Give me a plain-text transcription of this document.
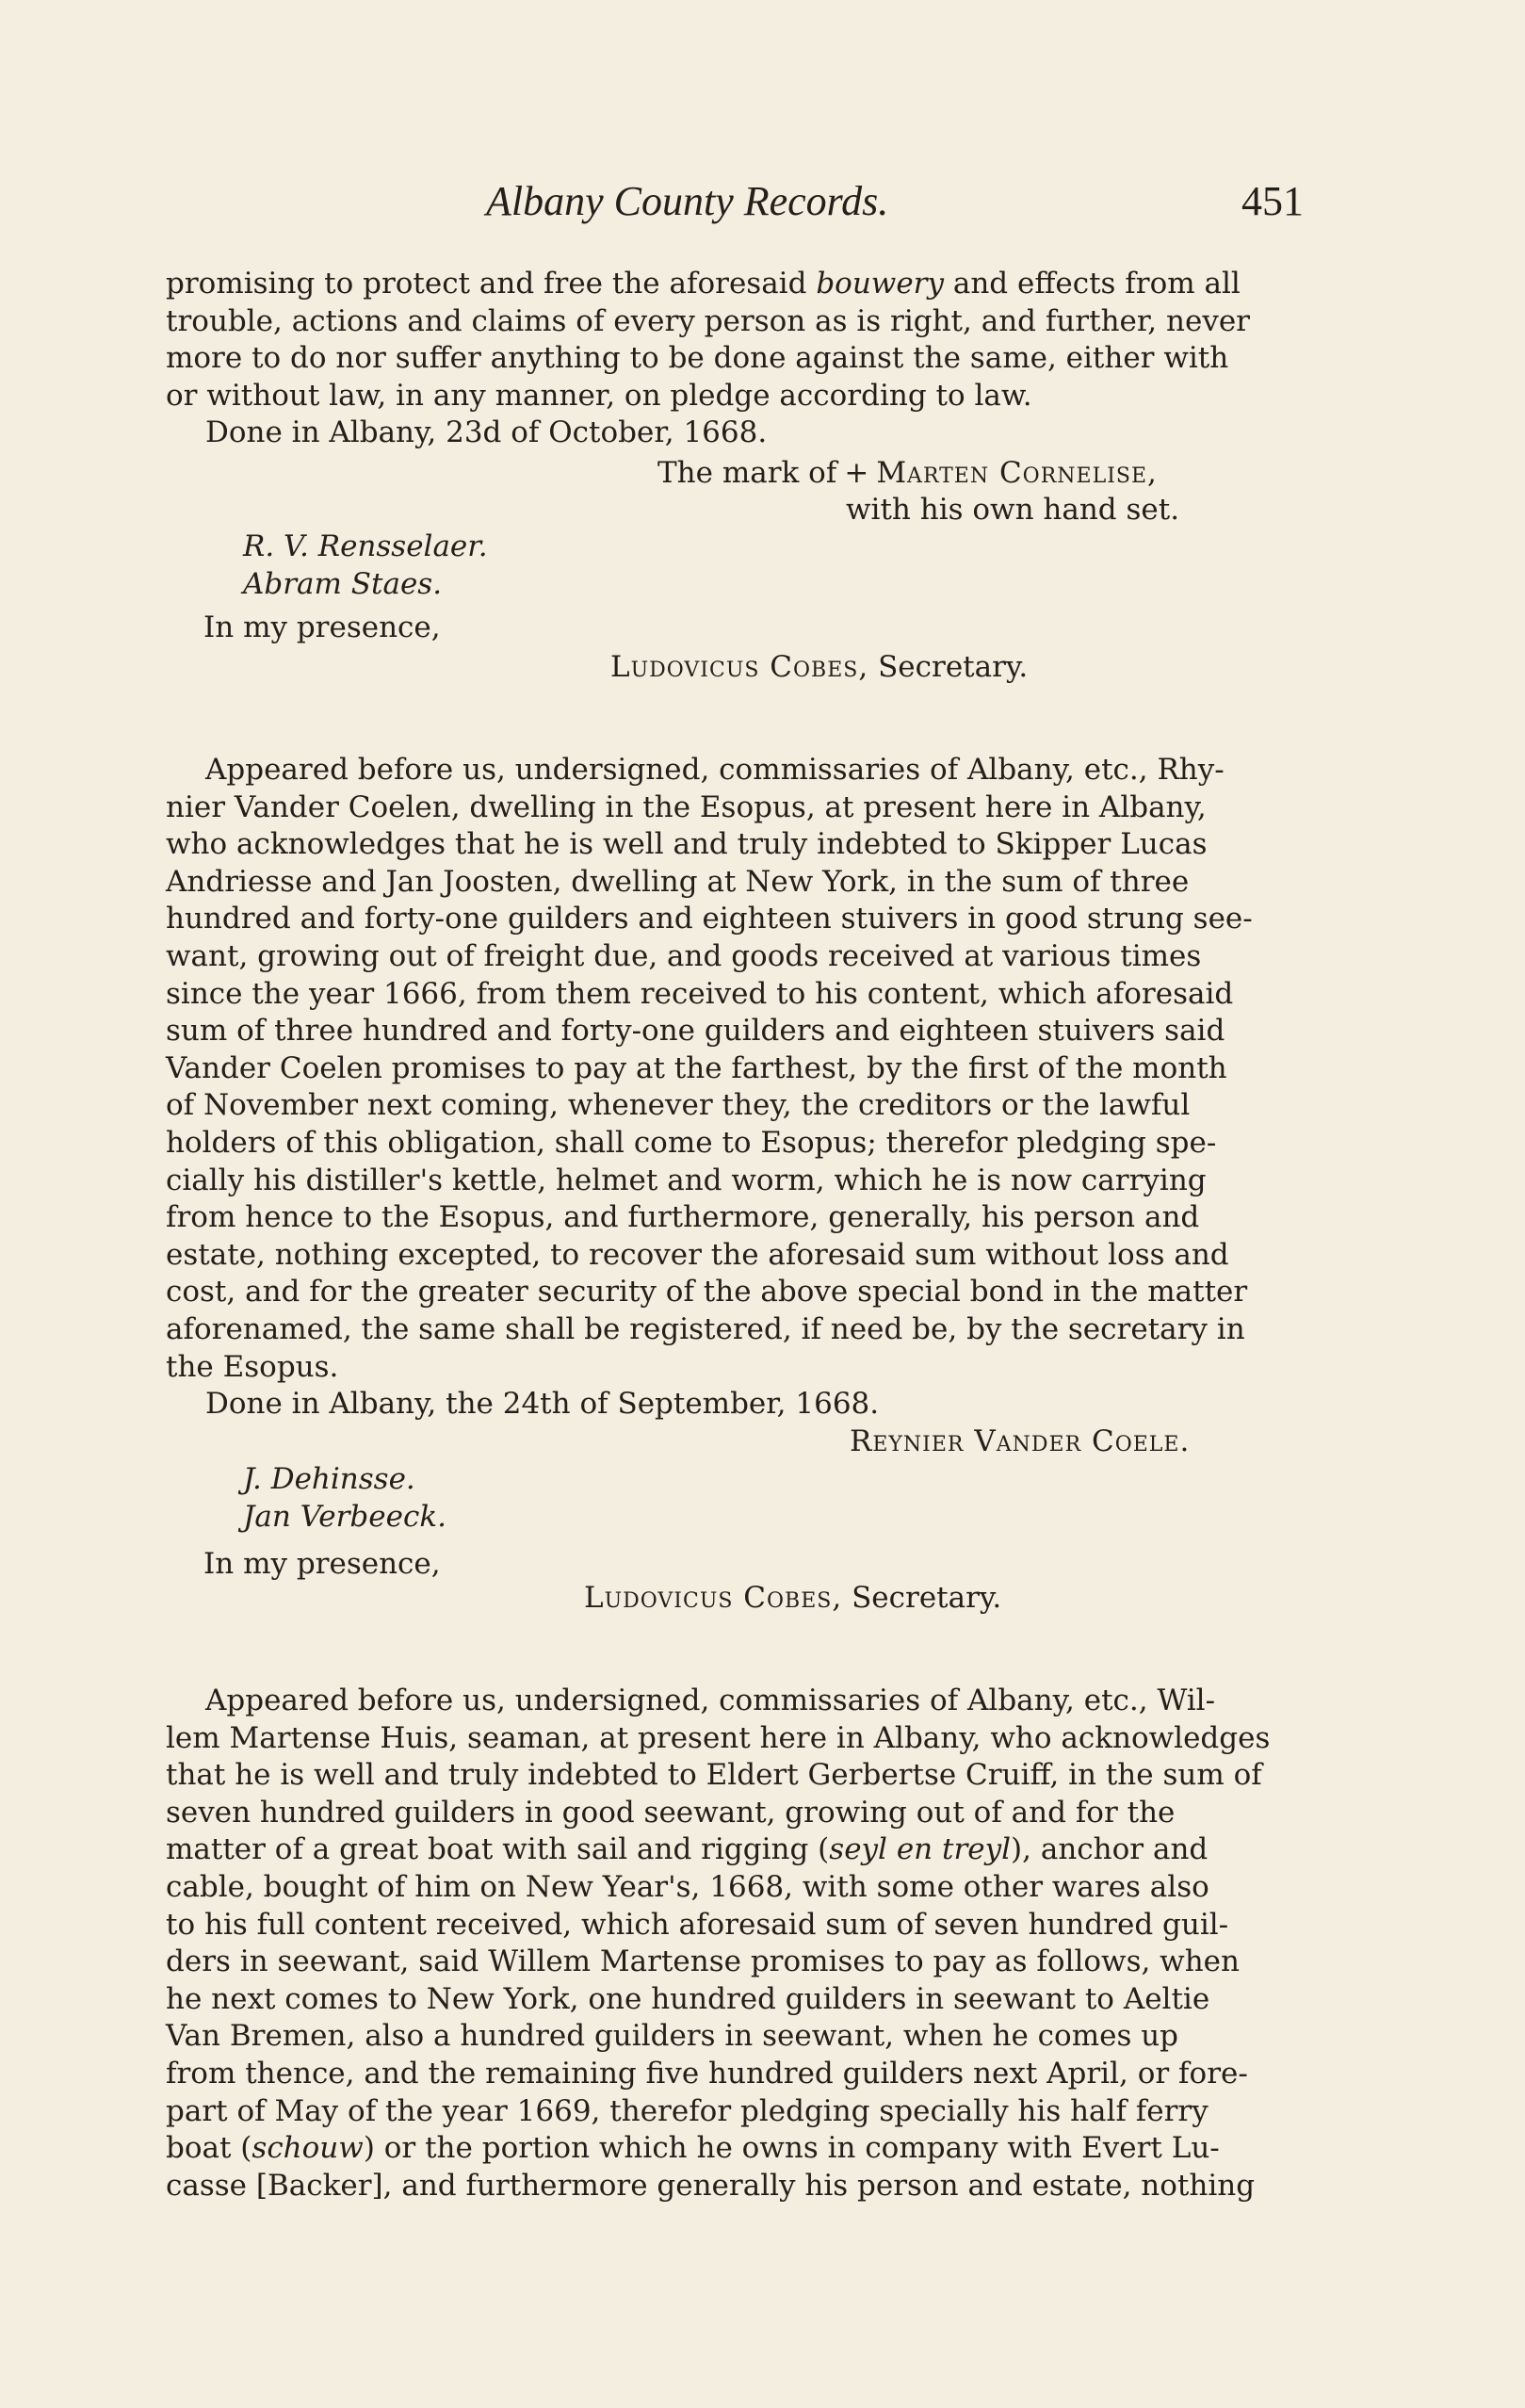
Albany County Records.	451
promising to protect and free the aforesaid bouwery and effects from all
trouble, actions and claims of every person as is right, and further, never
more to do nor suffer anything to be done against the same, either with
or without law, in any manner, on pledge according to law.
Done in Albany, 23d of October, 1668.
The mark of + Marten Cornelise,
with his own hand set.
R. V. Rensselaer.
Abram Staes.
In my presence,
Ludovicus Cobes, Secretary.
Appeared before us, undersigned, commissaries of Albany, etc., Rhy-
nier Vander Coelen, dwelling in the Esopus, at present here in Albany,
who acknowledges that he is well and truly indebted to Skipper Lucas
Andriesse and Jan Joosten, dwelling at New York, in the sum of three
hundred and forty-one guilders and eighteen stuivers in good strung see-
want, growing out of freight due, and goods received at various times
since the year 1666, from them received to his content, which aforesaid
sum of three hundred and forty-one guilders and eighteen stuivers said
Vander Coelen promises to pay at the farthest, by the first of the month
of November next coming, whenever they, the creditors or the lawful
holders of this obligation, shall come to Esopus; therefor pledging spe-
cially his distiller's kettle, helmet and worm, which he is now carrying
from hence to the Esopus, and furthermore, generally, his person and
estate, nothing excepted, to recover the aforesaid sum without loss and
cost, and for the greater security of the above special bond in the matter
aforenamed, the same shall be registered, if need be, by the secretary in
the Esopus.
Done in Albany, the 24th of September, 1668.
Reynier Vander Coele.
J. Dehinsse.
Jan Verbeeck.
In my presence,
Ludovicus Cobes, Secretary.
Appeared before us, undersigned, commissaries of Albany, etc., Wil-
lem Martense Huis, seaman, at present here in Albany, who acknowledges
that he is well and truly indebted to Eldert Gerbertse Cruiff, in the sum of
seven hundred guilders in good seewant, growing out of and for the
matter of a great boat with sail and rigging (seyl en treyl), anchor and
cable, bought of him on New Year's, 1668, with some other wares also
to his full content received, which aforesaid sum of seven hundred guil-
ders in seewant, said Willem Martense promises to pay as follows, when
he next comes to New York, one hundred guilders in seewant to Aeltie
Van Bremen, also a hundred guilders in seewant, when he comes up
from thence, and the remaining five hundred guilders next April, or fore-
part of May of the year 1669, therefor pledging specially his half ferry
boat (schouw) or the portion which he owns in company with Evert Lu-
casse [Backer], and furthermore generally his person and estate, nothing
